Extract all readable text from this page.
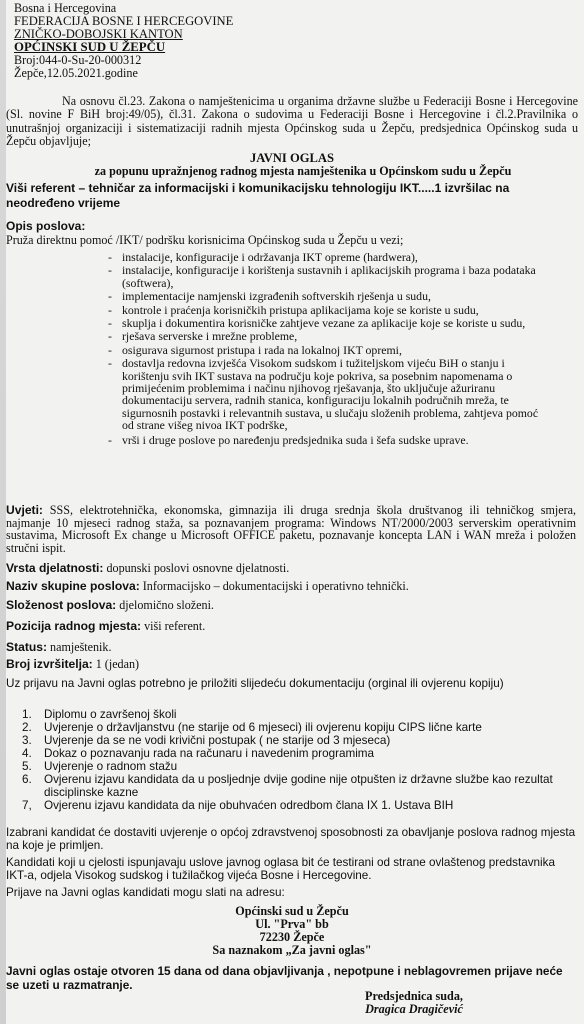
Bosna i Hercegovina
FEDERACIJA BOSNE I HERCEGOVINE
ZNIČKO-DOBOJSKI KANTON
OPĆINSKI SUD U ŽEPČU
Broj:044-0-Su-20-000312
Žepče,12.05.2021.godine

Na osnovu čl.23. Zakona o namještenicima u organima državne službe u Federaciji Bosne i Hercegovine (Sl. novine F BiH broj:49/05), čl.31. Zakona o sudovima u Federaciji Bosne i Hercegovine i čl.2.Pravilnika o unutrašnjoj organizaciji i sistematizaciji radnih mjesta Općinskog suda u Žepču, predsjednica Općinskog suda u Žepču objavljuje;

JAVNI OGLAS
za popunu upražnjenog radnog mjesta namještenika u Općinskom sudu u Žepču

Viši referent – tehničar za informacijski i komunikacijsku tehnologiju IKT.....1 izvršilac na neodređeno vrijeme

Opis poslova:
Pruža direktnu pomoć /IKT/ podršku korisnicima Općinskog suda u Žepču u vezi;
- instalacije, konfiguracije i održavanja IKT opreme (hardwera),
- instalacije, konfiguracije i korištenja sustavnih i aplikacijskih programa i baza podataka (softwera),
- implementacije namjenski izgrađenih softverskih rješenja u sudu,
- kontrole i praćenja korisničkih pristupa aplikacijama koje se koriste u sudu,
- skuplja i dokumentira korisničke zahtjeve vezane za aplikacije koje se koriste u sudu,
- rješava serverske i mrežne probleme,
- osigurava sigurnost pristupa i rada na lokalnoj IKT opremi,
- dostavlja redovna izvješća Visokom sudskom i tužiteljskom vijeću BiH o stanju i korištenju svih IKT sustava na području koje pokriva, sa posebnim napomenama o primijećenim problemima i načinu njihovog rješavanja, što uključuje ažuriranu dokumentaciju servera, radnih stanica, konfiguraciju lokalnih područnih mreža, te sigurnosnih postavki i relevantnih sustava, u slučaju složenih problema, zahtjeva pomoć od strane višeg nivoa IKT podrške,
- vrši i druge poslove po naređenju predsjednika suda i šefa sudske uprave.

Uvjeti: SSS, elektrotehnička, ekonomska, gimnazija ili druga srednja škola društvanog ili tehničkog smjera, najmanje 10 mjeseci radnog staža, sa poznavanjem programa: Windows NT/2000/2003 serverskim operativnim sustavima, Microsoft Ex change u Microsoft OFFICE paketu, poznavanje koncepta LAN i WAN mreža i položen stručni ispit.

Vrsta djelatnosti: dopunski poslovi osnovne djelatnosti.
Naziv skupine poslova: Informacijsko – dokumentacijski i operativno tehnički.
Složenost poslova: djelomično složeni.
Pozicija radnog mjesta: viši referent.
Status: namještenik.
Broj izvršitelja: 1 (jedan)

Uz prijavu na Javni oglas potrebno je priložiti slijedeću dokumentaciju (orginal ili ovjerenu kopiju)

1. Diplomu o završenoj školi
2. Uvjerenje o državljanstvu (ne starije od 6 mjeseci) ili ovjerenu kopiju CIPS lične karte
3. Uvjerenje da se ne vodi krivični postupak ( ne starije od 3 mjeseca)
4. Dokaz o poznavanju rada na računaru i navedenim programima
5. Uvjerenje o radnom stažu
6. Ovjerenu izjavu kandidata da u posljednje dvije godine nije otpušten iz državne službe kao rezultat disciplinske kazne
7, Ovjerenu izjavu kandidata da nije obuhvaćen odredbom člana IX 1. Ustava BIH

Izabrani kandidat će dostaviti uvjerenje o općoj zdravstvenoj sposobnosti za obavljanje poslova radnog mjesta na koje je primljen.

Kandidati koji u cjelosti ispunjavaju uslove javnog oglasa bit će testirani od strane ovlaštenog predstavnika IKT-a, odjela Visokog sudskog i tužilačkog vijeća Bosne i Hercegovine.

Prijave na Javni oglas kandidati mogu slati na adresu:

Općinski sud u Žepču
Ul. "Prva" bb
72230 Žepče
Sa naznakom „Za javni oglas"

Javni oglas ostaje otvoren 15 dana od dana objavljivanja , nepotpune i neblagovremen prijave neće se uzeti u razmatranje.

Predsjednica suda,
Dragica Dragičević
